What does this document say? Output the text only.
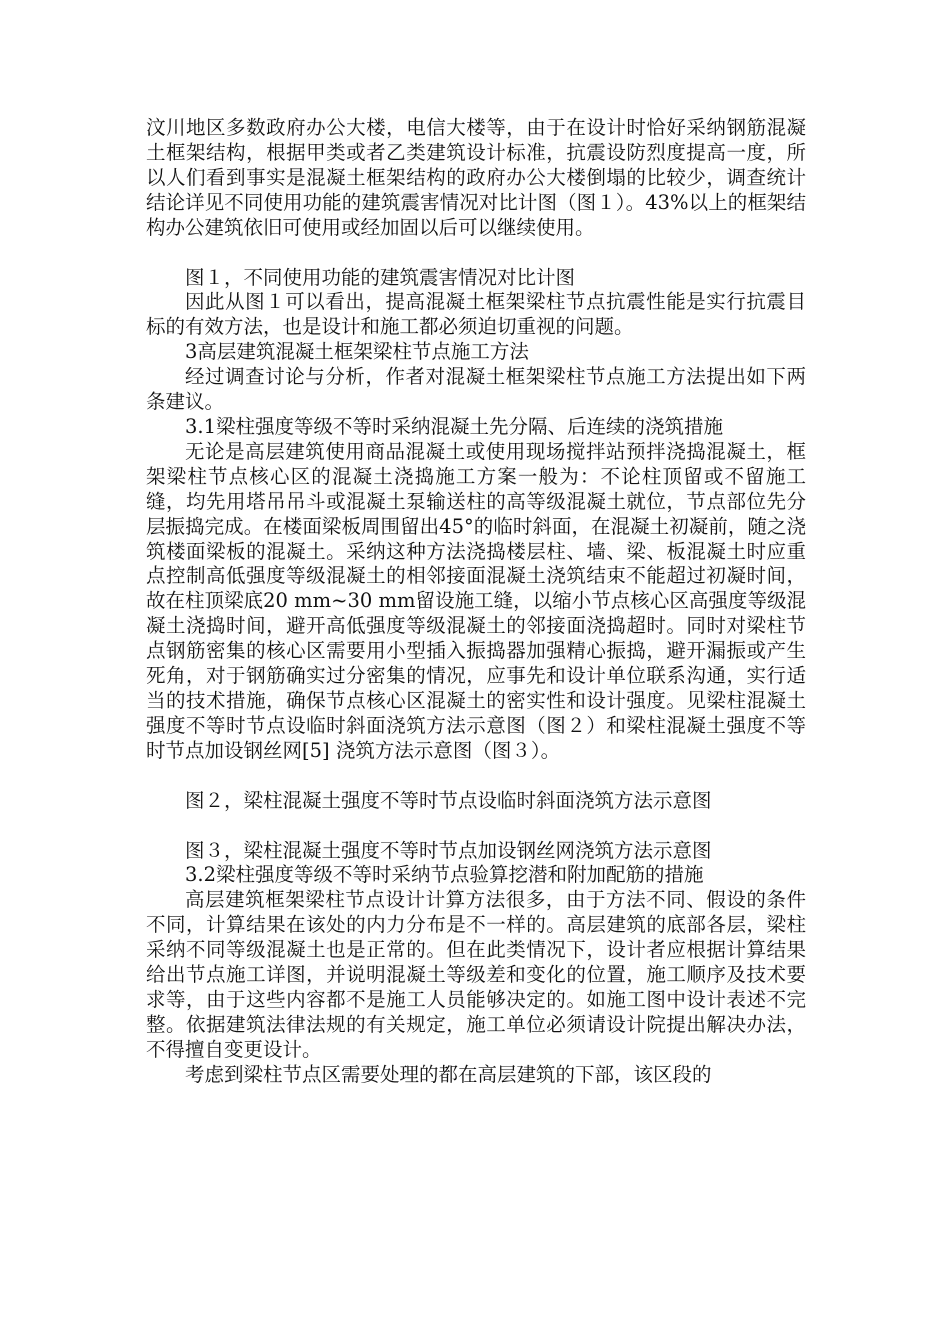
汶川地区多数政府办公大楼，电信大楼等，由于在设计时恰好采纳钢筋混凝土框架结构，根据甲类或者乙类建筑设计标准，抗震设防烈度提高一度，所以人们看到事实是混凝土框架结构的政府办公大楼倒塌的比较少，调查统计结论详见不同使用功能的建筑震害情况对比计图（图１）。43%以上的框架结构办公建筑依旧可使用或经加固以后可以继续使用。

图１，不同使用功能的建筑震害情况对比计图

因此从图１可以看出，提高混凝土框架梁柱节点抗震性能是实行抗震目标的有效方法，也是设计和施工都必须迫切重视的问题。

3高层建筑混凝土框架梁柱节点施工方法

经过调查讨论与分析，作者对混凝土框架梁柱节点施工方法提出如下两条建议。

3.1梁柱强度等级不等时采纳混凝土先分隔、后连续的浇筑措施

无论是高层建筑使用商品混凝土或使用现场搅拌站预拌浇捣混凝土，框架梁柱节点核心区的混凝土浇捣施工方案一般为：不论柱顶留或不留施工缝，均先用塔吊吊斗或混凝土泵输送柱的高等级混凝土就位，节点部位先分层振捣完成。在楼面梁板周围留出45°的临时斜面，在混凝土初凝前，随之浇筑楼面梁板的混凝土。采纳这种方法浇捣楼层柱、墙、梁、板混凝土时应重点控制高低强度等级混凝土的相邻接面混凝土浇筑结束不能超过初凝时间，故在柱顶梁底20 mm~30 mm留设施工缝，以缩小节点核心区高强度等级混凝土浇捣时间，避开高低强度等级混凝土的邻接面浇捣超时。同时对梁柱节点钢筋密集的核心区需要用小型插入振捣器加强精心振捣，避开漏振或产生死角，对于钢筋确实过分密集的情况，应事先和设计单位联系沟通，实行适当的技术措施，确保节点核心区混凝土的密实性和设计强度。见梁柱混凝土强度不等时节点设临时斜面浇筑方法示意图（图２）和梁柱混凝土强度不等时节点加设钢丝网[5] 浇筑方法示意图（图３）。

图２，梁柱混凝土强度不等时节点设临时斜面浇筑方法示意图

图３，梁柱混凝土强度不等时节点加设钢丝网浇筑方法示意图

3.2梁柱强度等级不等时采纳节点验算挖潜和附加配筋的措施

高层建筑框架梁柱节点设计计算方法很多，由于方法不同、假设的条件不同，计算结果在该处的内力分布是不一样的。高层建筑的底部各层，梁柱采纳不同等级混凝土也是正常的。但在此类情况下，设计者应根据计算结果给出节点施工详图，并说明混凝土等级差和变化的位置，施工顺序及技术要求等，由于这些内容都不是施工人员能够决定的。如施工图中设计表述不完整。依据建筑法律法规的有关规定，施工单位必须请设计院提出解决办法，不得擅自变更设计。

考虑到梁柱节点区需要处理的都在高层建筑的下部，该区段的
